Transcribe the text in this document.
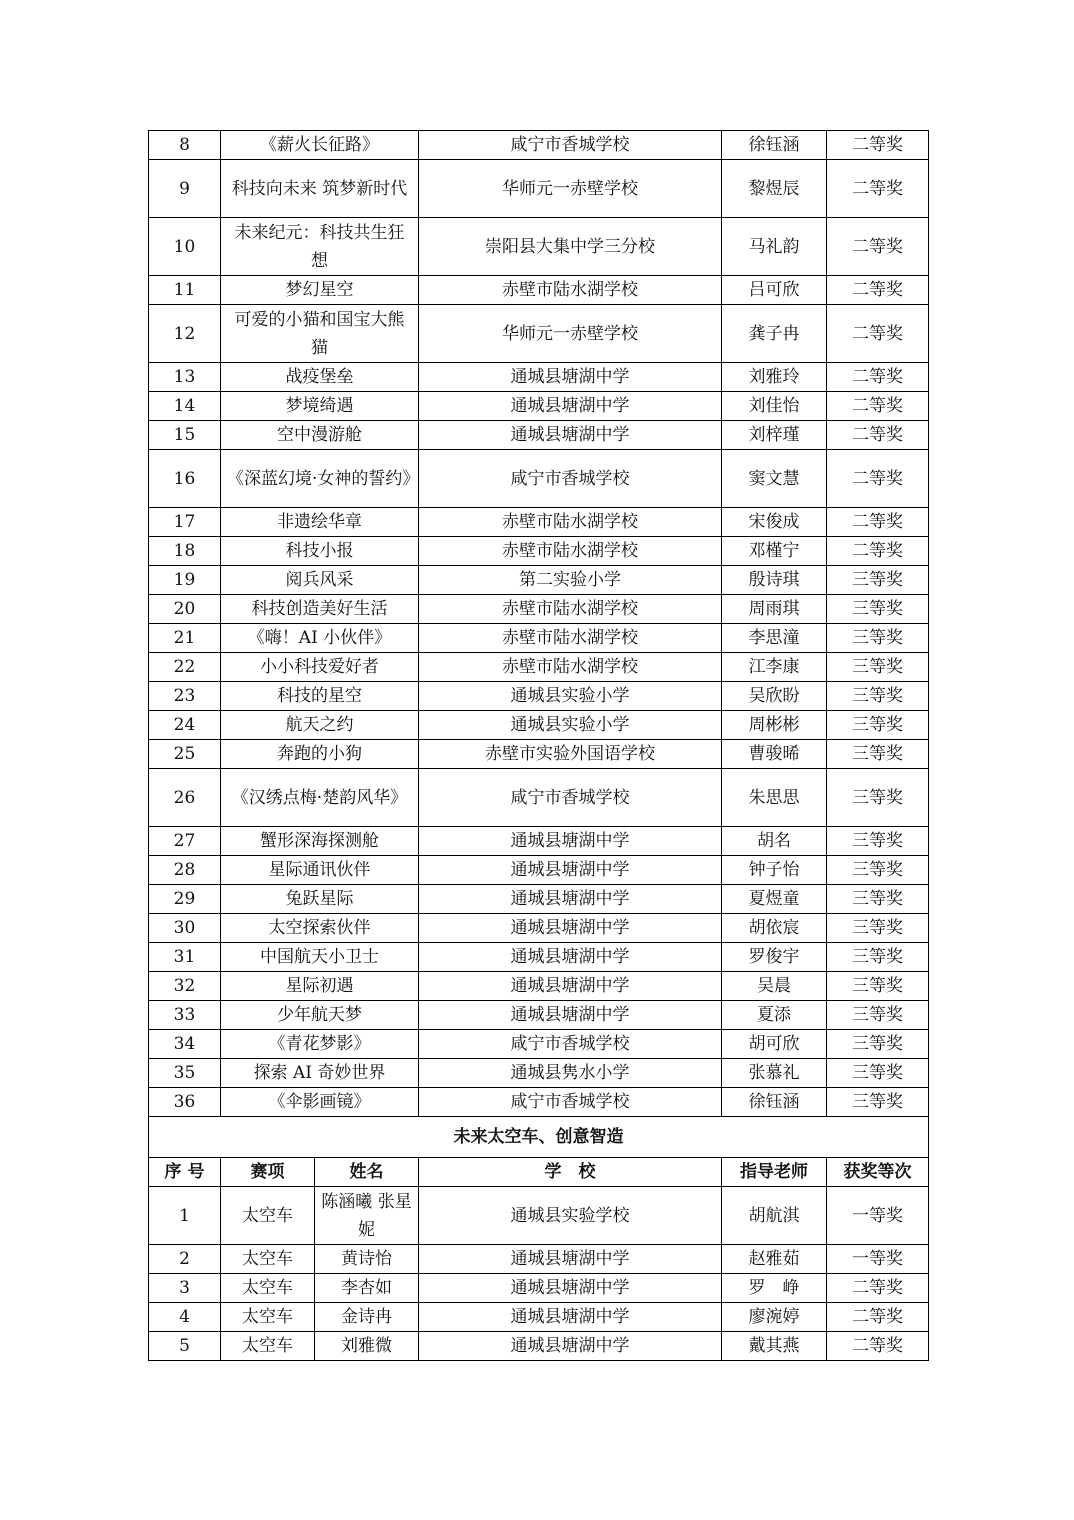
8	《薪火长征路》		咸宁市香城学校	徐钰涵	二等奖
9	科技向未来 筑梦新时代		华师元一赤壁学校	黎煜辰	二等奖
10	未来纪元：科技共生狂想		崇阳县大集中学三分校	马礼韵	二等奖
11	梦幻星空		赤壁市陆水湖学校	吕可欣	二等奖
12	可爱的小猫和国宝大熊猫		华师元一赤壁学校	龚子冉	二等奖
13	战疫堡垒		通城县塘湖中学	刘雅玲	二等奖
14	梦境绮遇		通城县塘湖中学	刘佳怡	二等奖
15	空中漫游舱		通城县塘湖中学	刘梓瑾	二等奖
16	《深蓝幻境·女神的誓约》		咸宁市香城学校	窦文慧	二等奖
17	非遗绘华章		赤壁市陆水湖学校	宋俊成	二等奖
18	科技小报		赤壁市陆水湖学校	邓槿宁	二等奖
19	阅兵风采		第二实验小学	殷诗琪	三等奖
20	科技创造美好生活		赤壁市陆水湖学校	周雨琪	三等奖
21	《嗨！AI 小伙伴》		赤壁市陆水湖学校	李思潼	三等奖
22	小小科技爱好者		赤壁市陆水湖学校	江李康	三等奖
23	科技的星空		通城县实验小学	吴欣盼	三等奖
24	航天之约		通城县实验小学	周彬彬	三等奖
25	奔跑的小狗		赤壁市实验外国语学校	曹骏晞	三等奖
26	《汉绣点梅·楚韵风华》		咸宁市香城学校	朱思思	三等奖
27	蟹形深海探测舱		通城县塘湖中学	胡名	三等奖
28	星际通讯伙伴		通城县塘湖中学	钟子怡	三等奖
29	兔跃星际		通城县塘湖中学	夏煜童	三等奖
30	太空探索伙伴		通城县塘湖中学	胡依宸	三等奖
31	中国航天小卫士		通城县塘湖中学	罗俊宇	三等奖
32	星际初遇		通城县塘湖中学	吴晨	三等奖
33	少年航天梦		通城县塘湖中学	夏添	三等奖
34	《青花梦影》		咸宁市香城学校	胡可欣	三等奖
35	探索 AI 奇妙世界		通城县隽水小学	张慕礼	三等奖
36	《伞影画镜》		咸宁市香城学校	徐钰涵	三等奖
未来太空车、创意智造					
序 号	赛项	姓名	学　校	指导老师	获奖等次
1	太空车	陈涵曦 张星妮	通城县实验学校	胡航淇	一等奖
2	太空车	黄诗怡	通城县塘湖中学	赵雅茹	一等奖
3	太空车	李杏如	通城县塘湖中学	罗　峥	二等奖
4	太空车	金诗冉	通城县塘湖中学	廖涴婷	二等奖
5	太空车	刘雅微	通城县塘湖中学	戴其燕	二等奖
